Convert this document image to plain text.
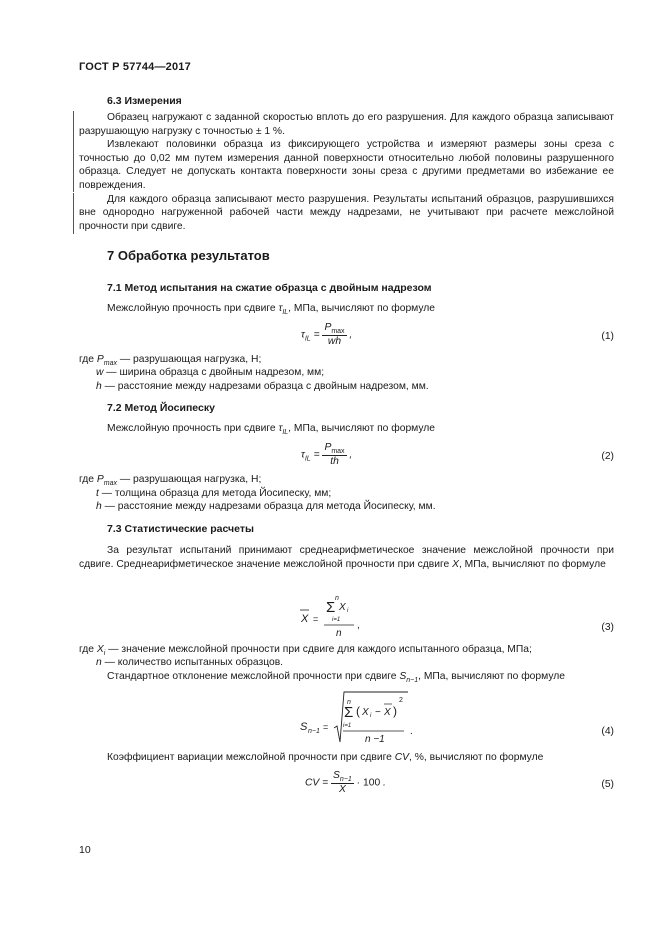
ГОСТ Р 57744—2017
6.3 Измерения

Образец нагружают с заданной скоростью вплоть до его разрушения. Для каждого образца записывают разрушающую нагрузку с точностью ± 1 %.

Извлекают половинки образца из фиксирующего устройства и измеряют размеры зоны среза с точностью до 0,02 мм путем измерения данной поверхности относительно любой половины разрушенного образца. Следует не допускать контакта поверхности зоны среза с другими предметами во избежание ее повреждения.

Для каждого образца записывают место разрушения. Результаты испытаний образцов, разрушившихся вне однородно нагруженной рабочей части между надрезами, не учитывают при расчете межслойной прочности при сдвиге.

7 Обработка результатов
7.1 Метод испытания на сжатие образца с двойным надрезом
Межслойную прочность при сдвиге $\tau_{IL}$, МПа, вычисляют по формуле
$\tau_{IL} = \frac{P_{max}}{wh}$ ,	(1)
где $P_{max}$ — разрушающая нагрузка, Н;
w — ширина образца с двойным надрезом, мм;
h — расстояние между надрезами образца с двойным надрезом, мм.
7.2 Метод Йосипеску
Межслойную прочность при сдвиге $\tau_{IL}$, МПа, вычисляют по формуле
$\tau_{IL} = \frac{P_{max}}{th}$ ,	(2)
где $P_{max}$ — разрушающая нагрузка, Н;
t — толщина образца для метода Йосипеску, мм;
h — расстояние между надрезами образца для метода Йосипеску, мм.
7.3 Статистические расчеты

За результат испытаний принимают среднеарифметическое значение межслойной прочности при сдвиге. Среднеарифметическое значение межслойной прочности при сдвиге X, МПа, вычисляют по формуле

X =
n
Σ X i
i=1
n
,	(3)
где $X_i$ — значение межслойной прочности при сдвиге для каждого испытанного образца, МПа;
n — количество испытанных образцов.
Стандартное отклонение межслойной прочности при сдвиге $S_{n-1}$, МПа, вычисляют по формуле
S n−1 =
n
Σ
i=1
( X i − X )
2
n −1
.	(4)
Коэффициент вариации межслойной прочности при сдвиге CV, %, вычисляют по формуле
CV = $\frac{S_{n-1}}{X} \cdot 100$ .	(5)
10
